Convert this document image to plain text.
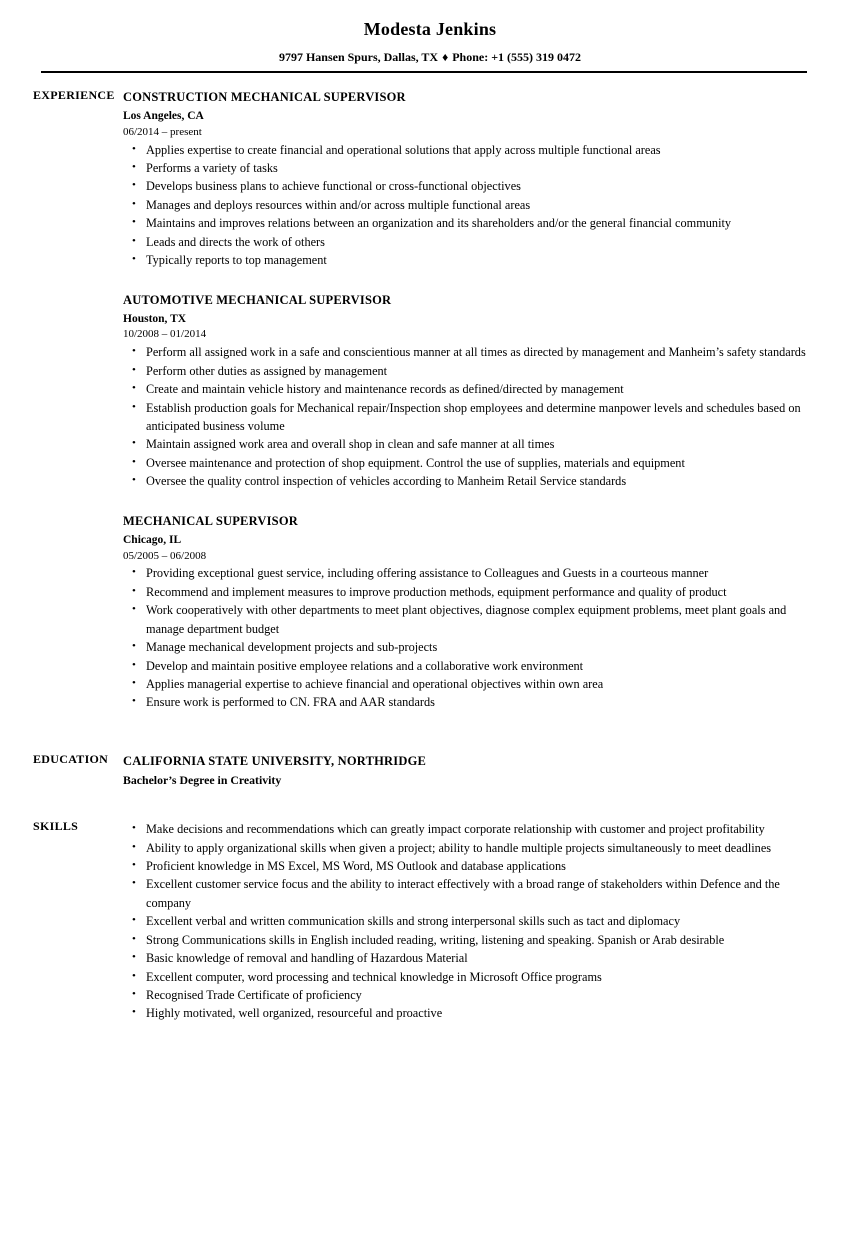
Modesta Jenkins
9797 Hansen Spurs, Dallas, TX ♦ Phone: +1 (555) 319 0472
EXPERIENCE CONSTRUCTION MECHANICAL SUPERVISOR
Los Angeles, CA
06/2014 – present
• Applies expertise to create financial and operational solutions that apply across multiple functional areas
• Performs a variety of tasks
• Develops business plans to achieve functional or cross-functional objectives
• Manages and deploys resources within and/or across multiple functional areas
• Maintains and improves relations between an organization and its shareholders and/or the general financial community
• Leads and directs the work of others
• Typically reports to top management
AUTOMOTIVE MECHANICAL SUPERVISOR
Houston, TX
10/2008 – 01/2014
• Perform all assigned work in a safe and conscientious manner at all times as directed by management and Manheim’s safety standards
• Perform other duties as assigned by management
• Create and maintain vehicle history and maintenance records as defined/directed by management
• Establish production goals for Mechanical repair/Inspection shop employees and determine manpower levels and schedules based on anticipated business volume
• Maintain assigned work area and overall shop in clean and safe manner at all times
• Oversee maintenance and protection of shop equipment. Control the use of supplies, materials and equipment
• Oversee the quality control inspection of vehicles according to Manheim Retail Service standards
MECHANICAL SUPERVISOR
Chicago, IL
05/2005 – 06/2008
• Providing exceptional guest service, including offering assistance to Colleagues and Guests in a courteous manner
• Recommend and implement measures to improve production methods, equipment performance and quality of product
• Work cooperatively with other departments to meet plant objectives, diagnose complex equipment problems, meet plant goals and manage department budget
• Manage mechanical development projects and sub-projects
• Develop and maintain positive employee relations and a collaborative work environment
• Applies managerial expertise to achieve financial and operational objectives within own area
• Ensure work is performed to CN. FRA and AAR standards
EDUCATION	CALIFORNIA STATE UNIVERSITY, NORTHRIDGE
Bachelor’s Degree in Creativity
SKILLS	• Make decisions and recommendations which can greatly impact corporate relationship with customer and project profitability
• Ability to apply organizational skills when given a project; ability to handle multiple projects simultaneously to meet deadlines
• Proficient knowledge in MS Excel, MS Word, MS Outlook and database applications
• Excellent customer service focus and the ability to interact effectively with a broad range of stakeholders within Defence and the company
• Excellent verbal and written communication skills and strong interpersonal skills such as tact and diplomacy
• Strong Communications skills in English included reading, writing, listening and speaking. Spanish or Arab desirable
• Basic knowledge of removal and handling of Hazardous Material
• Excellent computer, word processing and technical knowledge in Microsoft Office programs
• Recognised Trade Certificate of proficiency
• Highly motivated, well organized, resourceful and proactive
